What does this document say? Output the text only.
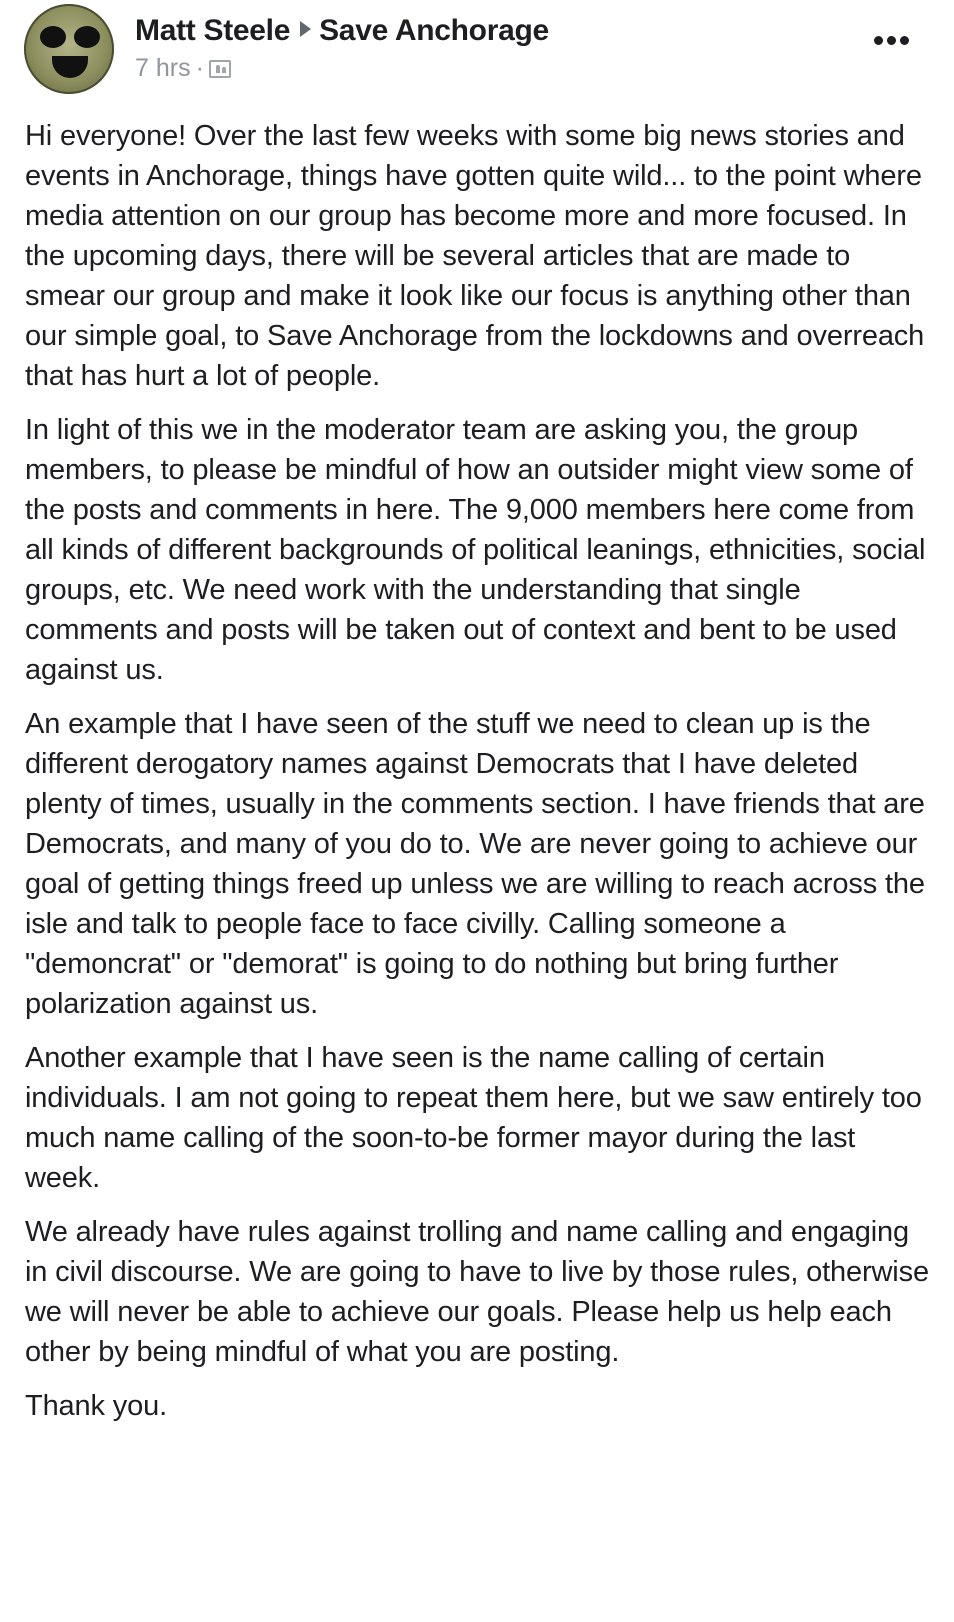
Matt Steele Save Anchorage
7 hrs ·

Hi everyone! Over the last few weeks with some big news stories and events in Anchorage, things have gotten quite wild... to the point where media attention on our group has become more and more focused. In the upcoming days, there will be several articles that are made to smear our group and make it look like our focus is anything other than our simple goal, to Save Anchorage from the lockdowns and overreach that has hurt a lot of people.

In light of this we in the moderator team are asking you, the group members, to please be mindful of how an outsider might view some of the posts and comments in here. The 9,000 members here come from all kinds of different backgrounds of political leanings, ethnicities, social groups, etc. We need work with the understanding that single comments and posts will be taken out of context and bent to be used against us.

An example that I have seen of the stuff we need to clean up is the different derogatory names against Democrats that I have deleted plenty of times, usually in the comments section. I have friends that are Democrats, and many of you do to. We are never going to achieve our goal of getting things freed up unless we are willing to reach across the isle and talk to people face to face civilly. Calling someone a "demoncrat" or "demorat" is going to do nothing but bring further polarization against us.

Another example that I have seen is the name calling of certain individuals. I am not going to repeat them here, but we saw entirely too much name calling of the soon-to-be former mayor during the last week.

We already have rules against trolling and name calling and engaging in civil discourse. We are going to have to live by those rules, otherwise we will never be able to achieve our goals. Please help us help each other by being mindful of what you are posting.

Thank you.
